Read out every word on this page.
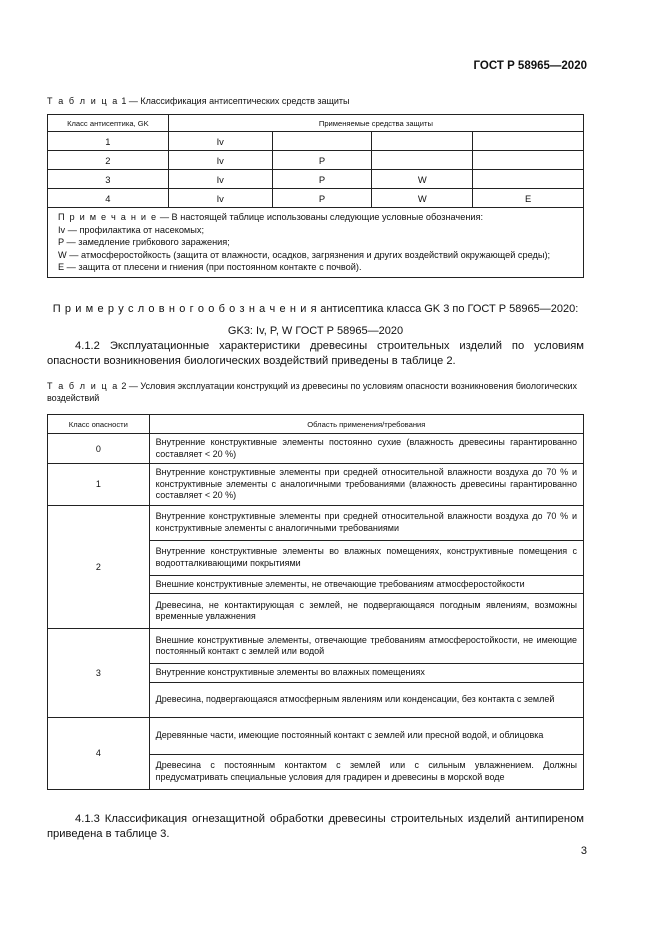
ГОСТ Р 58965—2020
Т а б л и ц а 1 — Классификация антисептических средств защиты
Класс антисептика, GK	Применяемые средства защиты			
1	Iv			
2	Iv	P		
3	Iv	P	W	
4	Iv	P	W	E

П р и м е ч а н и е — В настоящей таблице использованы следующие условные обозначения:
Iv — профилактика от насекомых;
P — замедление грибкового заражения;
W — атмосферостойкость (защита от влажности, осадков, загрязнения и других воздействий окружающей среды);
E — защита от плесени и гниения (при постоянном контакте с почвой).				
П р и м е р у с л о в н о г о о б о з н а ч е н и я антисептика класса GK 3 по ГОСТ Р 58965—2020:
GK3: Iv, P, W ГОСТ Р 58965—2020
4.1.2 Эксплуатационные характеристики древесины строительных изделий по условиям опасности возникновения биологических воздействий приведены в таблице 2.
Т а б л и ц а 2 — Условия эксплуатации конструкций из древесины по условиям опасности возникновения биологических воздействий
Класс опасности	Область применения/требования
0	Внутренние конструктивные элементы постоянно сухие (влажность древесины гарантированно составляет < 20 %)
1	Внутренние конструктивные элементы при средней относительной влажности воздуха до 70 % и конструктивные элементы с аналогичными требованиями (влажность древесины гарантированно составляет < 20 %)
2	Внутренние конструктивные элементы при средней относительной влажности воздуха до 70 % и конструктивные элементы с аналогичными требованиями
	Внутренние конструктивные элементы во влажных помещениях, конструктивные помещения с водоотталкивающими покрытиями
	Внешние конструктивные элементы, не отвечающие требованиям атмосферостойкости
	Древесина, не контактирующая с землей, не подвергающаяся погодным явлениям, возможны временные увлажнения
3	Внешние конструктивные элементы, отвечающие требованиям атмосферостойкости, не имеющие постоянный контакт с землей или водой
	Внутренние конструктивные элементы во влажных помещениях
	Древесина, подвергающаяся атмосферным явлениям или конденсации, без контакта с землей
4	Деревянные части, имеющие постоянный контакт с землей или пресной водой, и облицовка
	Древесина с постоянным контактом с землей или с сильным увлажнением. Должны предусматривать специальные условия для градирен и древесины в морской воде
4.1.3 Классификация огнезащитной обработки древесины строительных изделий антипиреном приведена в таблице 3.
3
